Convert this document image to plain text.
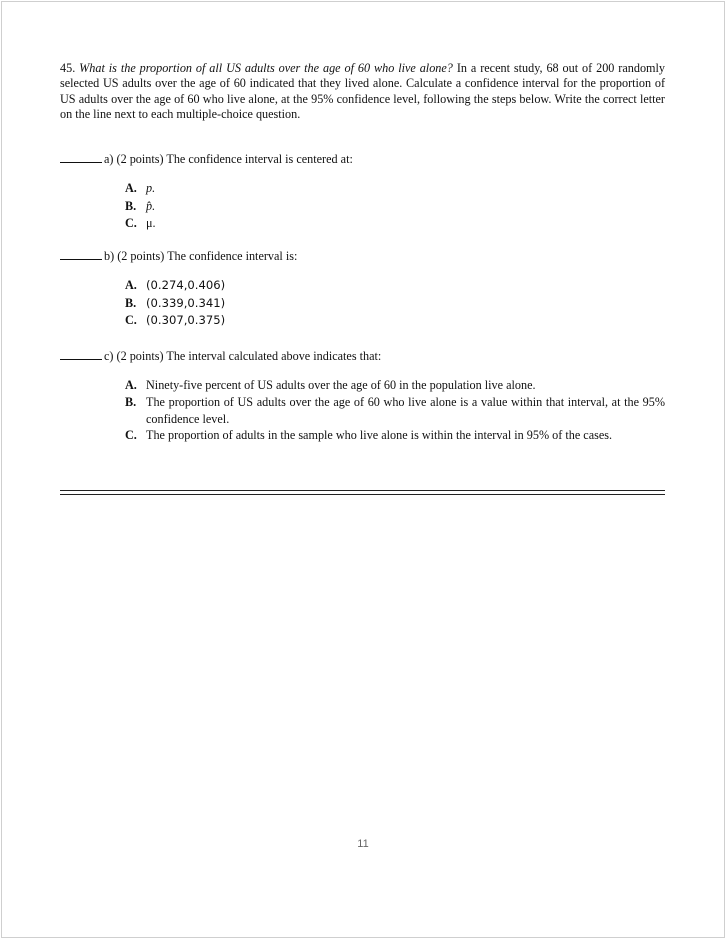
45. What is the proportion of all US adults over the age of 60 who live alone? In a recent study, 68 out of 200 randomly selected US adults over the age of 60 indicated that they lived alone. Calculate a confidence interval for the proportion of US adults over the age of 60 who live alone, at the 95% confidence level, following the steps below. Write the correct letter on the line next to each multiple-choice question.
a) (2 points) The confidence interval is centered at:
A. p.
B. p̂.
C. μ.
b) (2 points) The confidence interval is:
A. (0.274,0.406)
B. (0.339,0.341)
C. (0.307,0.375)
c) (2 points) The interval calculated above indicates that:
A. Ninety-five percent of US adults over the age of 60 in the population live alone.
B. The proportion of US adults over the age of 60 who live alone is a value within that interval, at the 95% confidence level.
C. The proportion of adults in the sample who live alone is within the interval in 95% of the cases.
11
